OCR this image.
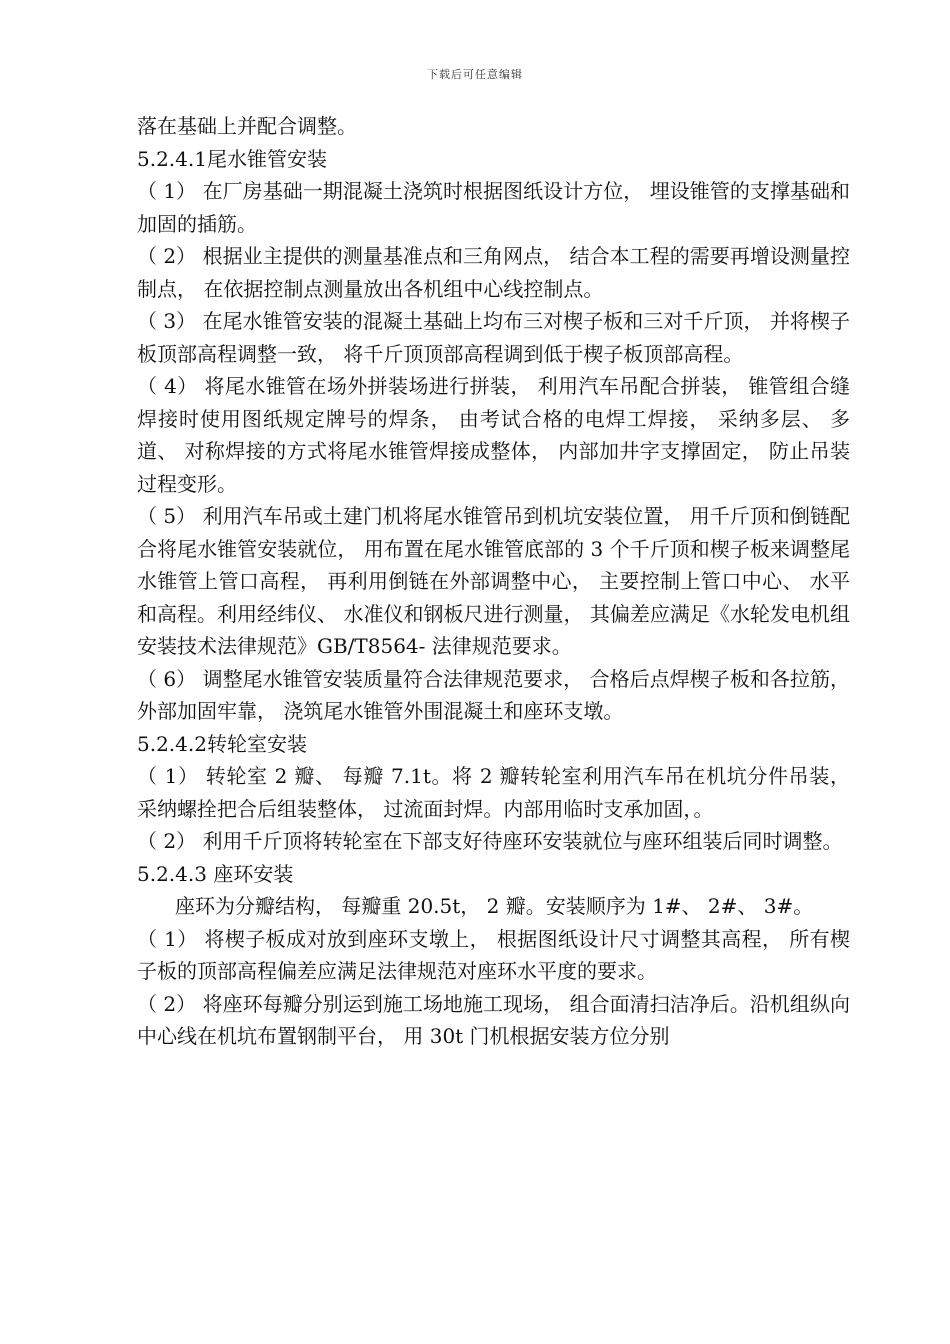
下载后可任意编辑

落在基础上并配合调整。

5.2.4.1尾水锥管安装

（ 1） 在厂房基础一期混凝土浇筑时根据图纸设计方位， 埋设锥管的支撑基础和加固的插筋。

（ 2） 根据业主提供的测量基准点和三角网点， 结合本工程的需要再增设测量控制点， 在依据控制点测量放出各机组中心线控制点。

（ 3） 在尾水锥管安装的混凝土基础上均布三对楔子板和三对千斤顶， 并将楔子板顶部高程调整一致， 将千斤顶顶部高程调到低于楔子板顶部高程。

（ 4） 将尾水锥管在场外拼装场进行拼装， 利用汽车吊配合拼装， 锥管组合缝焊接时使用图纸规定牌号的焊条， 由考试合格的电焊工焊接， 采纳多层、 多道、 对称焊接的方式将尾水锥管焊接成整体， 内部加井字支撑固定， 防止吊装过程变形。

（ 5） 利用汽车吊或土建门机将尾水锥管吊到机坑安装位置， 用千斤顶和倒链配合将尾水锥管安装就位， 用布置在尾水锥管底部的 3 个千斤顶和楔子板来调整尾水锥管上管口高程， 再利用倒链在外部调整中心， 主要控制上管口中心、 水平和高程。利用经纬仪、 水准仪和钢板尺进行测量， 其偏差应满足《水轮发电机组安装技术法律规范》GB/T8564- 法律规范要求。

（ 6） 调整尾水锥管安装质量符合法律规范要求， 合格后点焊楔子板和各拉筋， 外部加固牢靠， 浇筑尾水锥管外围混凝土和座环支墩。

5.2.4.2转轮室安装

（ 1） 转轮室 2 瓣、 每瓣 7.1t。将 2 瓣转轮室利用汽车吊在机坑分件吊装， 采纳螺拴把合后组装整体， 过流面封焊。内部用临时支承加固，。

（ 2） 利用千斤顶将转轮室在下部支好待座环安装就位与座环组装后同时调整。

5.2.4.3 座环安装

座环为分瓣结构， 每瓣重 20.5t， 2 瓣。安装顺序为 1#、 2#、 3#。

（ 1） 将楔子板成对放到座环支墩上， 根据图纸设计尺寸调整其高程， 所有楔子板的顶部高程偏差应满足法律规范对座环水平度的要求。

（ 2） 将座环每瓣分别运到施工场地施工现场， 组合面清扫洁净后。沿机组纵向中心线在机坑布置钢制平台， 用 30t 门机根据安装方位分别
